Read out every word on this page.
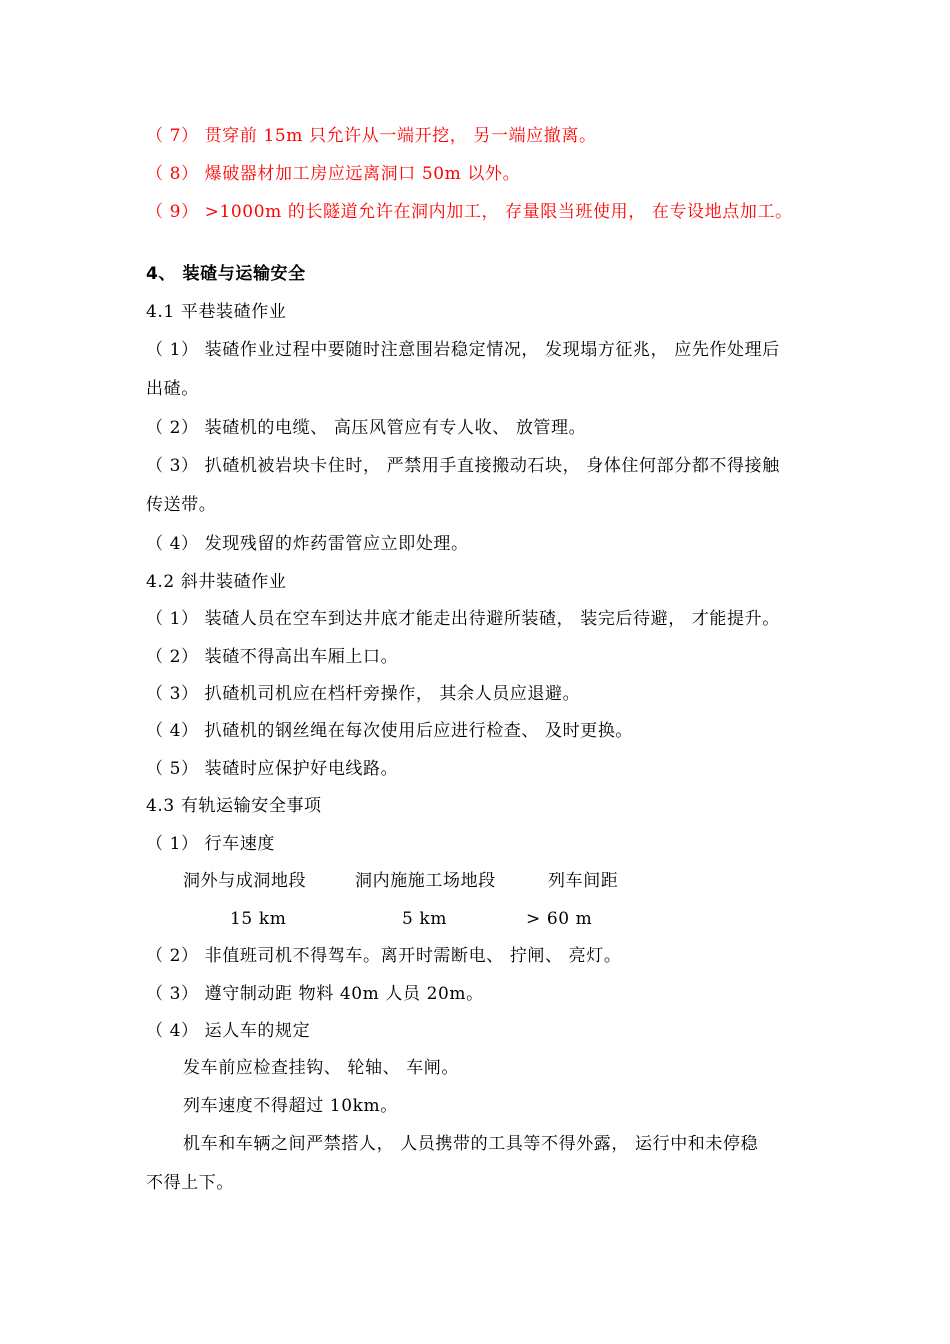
（ 7） 贯穿前 15m 只允许从一端开挖， 另一端应撤离。
（ 8） 爆破器材加工房应远离洞口 50m 以外。
（ 9） >1000m 的长隧道允许在洞内加工， 存量限当班使用， 在专设地点加工。
4、 装碴与运输安全
4.1 平巷装碴作业
（ 1） 装碴作业过程中要随时注意围岩稳定情况， 发现塌方征兆， 应先作处理后
出碴。
（ 2） 装碴机的电缆、 高压风管应有专人收、 放管理。
（ 3） 扒碴机被岩块卡住时， 严禁用手直接搬动石块， 身体住何部分都不得接触
传送带。
（ 4） 发现残留的炸药雷管应立即处理。
4.2 斜井装碴作业
（ 1） 装碴人员在空车到达井底才能走出待避所装碴， 装完后待避， 才能提升。
（ 2） 装碴不得高出车厢上口。
（ 3） 扒碴机司机应在档杆旁操作， 其余人员应退避。
（ 4） 扒碴机的钢丝绳在每次使用后应进行检查、 及时更换。
（ 5） 装碴时应保护好电线路。
4.3 有轨运输安全事项
（ 1） 行车速度
洞外与成洞地段	洞内施施工场地段	列车间距
15 km	5 km	> 60 m
（ 2） 非值班司机不得驾车。离开时需断电、 拧闸、 亮灯。
（ 3） 遵守制动距 物料 40m 人员 20m。
（ 4） 运人车的规定
发车前应检查挂钩、 轮轴、 车闸。
列车速度不得超过 10km。
机车和车辆之间严禁搭人， 人员携带的工具等不得外露， 运行中和未停稳
不得上下。
